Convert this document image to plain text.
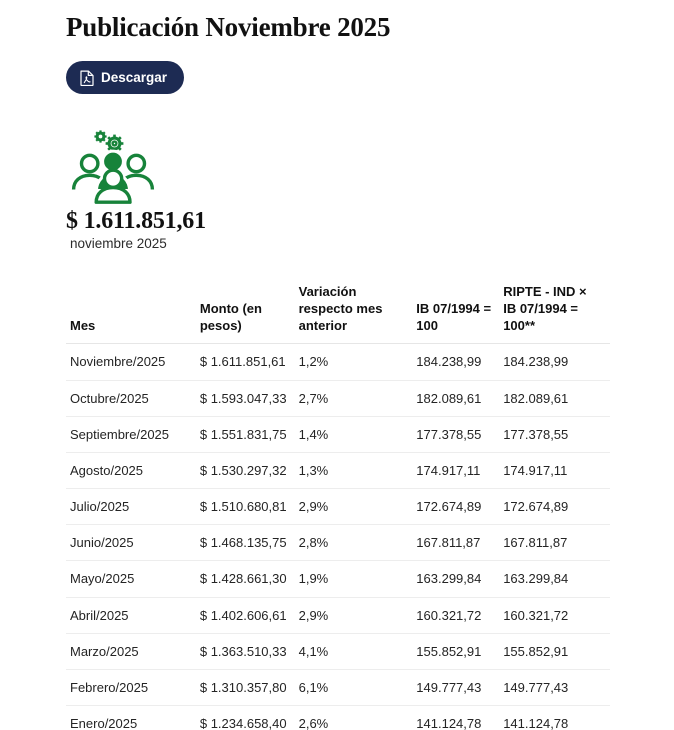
Publicación Noviembre 2025
Descargar
$ 1.611.851,61
noviembre 2025
Mes	Monto (en pesos)	Variación respecto mes anterior	IB 07/1994 = 100	RIPTE - IND × IB 07/1994 = 100**
Noviembre/2025	$ 1.611.851,61	1,2%	184.238,99	184.238,99
Octubre/2025	$ 1.593.047,33	2,7%	182.089,61	182.089,61
Septiembre/2025	$ 1.551.831,75	1,4%	177.378,55	177.378,55
Agosto/2025	$ 1.530.297,32	1,3%	174.917,11	174.917,11
Julio/2025	$ 1.510.680,81	2,9%	172.674,89	172.674,89
Junio/2025	$ 1.468.135,75	2,8%	167.811,87	167.811,87
Mayo/2025	$ 1.428.661,30	1,9%	163.299,84	163.299,84
Abril/2025	$ 1.402.606,61	2,9%	160.321,72	160.321,72
Marzo/2025	$ 1.363.510,33	4,1%	155.852,91	155.852,91
Febrero/2025	$ 1.310.357,80	6,1%	149.777,43	149.777,43
Enero/2025	$ 1.234.658,40	2,6%	141.124,78	141.124,78
